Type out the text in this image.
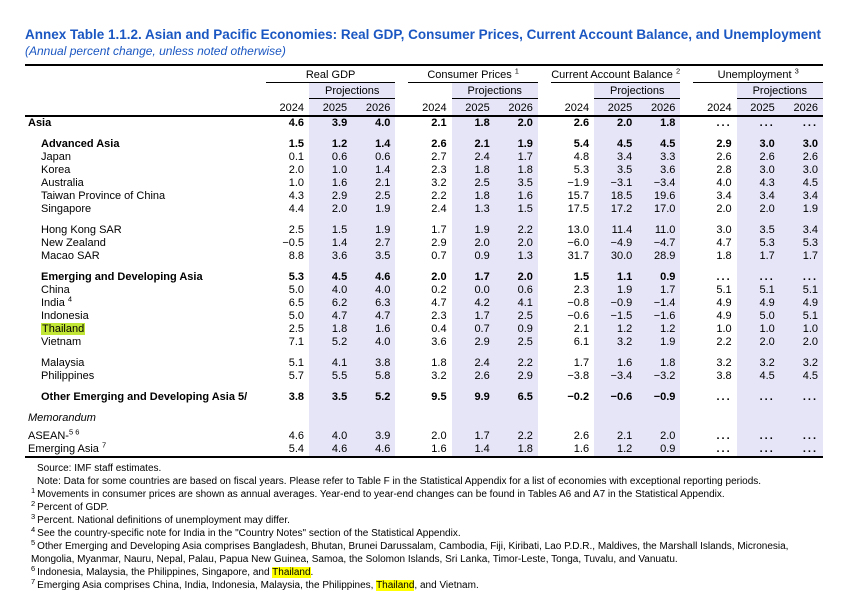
Annex Table 1.1.2. Asian and Pacific Economies: Real GDP, Consumer Prices, Current Account Balance, and Unemployment
(Annual percent change, unless noted otherwise)
	Real GDP				Consumer Prices $^1$				Current Account Balance $^2$				Unemployment $^3$
		Projections				Projections				Projections				Projections	
	2024	2025	2026		2024	2025	2026		2024	2025	2026		2024	2025	2026
Asia	4.6	3.9	4.0		2.1	1.8	2.0		2.6	2.0	1.8		...	...	...

Advanced Asia	1.5	1.2	1.4		2.6	2.1	1.9		5.4	4.5	4.5		2.9	3.0	3.0
Japan	0.1	0.6	0.6		2.7	2.4	1.7		4.8	3.4	3.3		2.6	2.6	2.6
Korea	2.0	1.0	1.4		2.3	1.8	1.8		5.3	3.5	3.6		2.8	3.0	3.0
Australia	1.0	1.6	2.1		3.2	2.5	3.5		−1.9	−3.1	−3.4		4.0	4.3	4.5
Taiwan Province of China	4.3	2.9	2.5		2.2	1.8	1.6		15.7	18.5	19.6		3.4	3.4	3.4
Singapore	4.4	2.0	1.9		2.4	1.3	1.5		17.5	17.2	17.0		2.0	2.0	1.9

Hong Kong SAR	2.5	1.5	1.9		1.7	1.9	2.2		13.0	11.4	11.0		3.0	3.5	3.4
New Zealand	−0.5	1.4	2.7		2.9	2.0	2.0		−6.0	−4.9	−4.7		4.7	5.3	5.3
Macao SAR	8.8	3.6	3.5		0.7	0.9	1.3		31.7	30.0	28.9		1.8	1.7	1.7

Emerging and Developing Asia	5.3	4.5	4.6		2.0	1.7	2.0		1.5	1.1	0.9		...	...	...
China	5.0	4.0	4.0		0.2	0.0	0.6		2.3	1.9	1.7		5.1	5.1	5.1
India $^4$	6.5	6.2	6.3		4.7	4.2	4.1		−0.8	−0.9	−1.4		4.9	4.9	4.9
Indonesia	5.0	4.7	4.7		2.3	1.7	2.5		−0.6	−1.5	−1.6		4.9	5.0	5.1
Thailand	2.5	1.8	1.6		0.4	0.7	0.9		2.1	1.2	1.2		1.0	1.0	1.0
Vietnam	7.1	5.2	4.0		3.6	2.9	2.5		6.1	3.2	1.9		2.2	2.0	2.0

Malaysia	5.1	4.1	3.8		1.8	2.4	2.2		1.7	1.6	1.8		3.2	3.2	3.2
Philippines	5.7	5.5	5.8		3.2	2.6	2.9		−3.8	−3.4	−3.2		3.8	4.5	4.5

Other Emerging and Developing Asia 5/	3.8	3.5	5.2		9.5	9.9	6.5		−0.2	−0.6	−0.9		...	...	...

Memorandum															

ASEAN-$^{5 6}$	4.6	4.0	3.9		2.0	1.7	2.2		2.6	2.1	2.0		...	...	...
Emerging Asia $^7$	5.4	4.6	4.6		1.6	1.4	1.8		1.6	1.2	0.9		...	...	...
Source: IMF staff estimates.
Note: Data for some countries are based on fiscal years. Please refer to Table F in the Statistical Appendix for a list of economies with exceptional reporting periods.
$^1$ Movements in consumer prices are shown as annual averages. Year-end to year-end changes can be found in Tables A6 and A7 in the Statistical Appendix.
$^2$ Percent of GDP.
$^3$ Percent. National definitions of unemployment may differ.
$^4$ See the country-specific note for India in the "Country Notes" section of the Statistical Appendix.
$^5$ Other Emerging and Developing Asia comprises Bangladesh, Bhutan, Brunei Darussalam, Cambodia, Fiji, Kiribati, Lao P.D.R., Maldives, the Marshall Islands, Micronesia, Mongolia, Myanmar, Nauru, Nepal, Palau, Papua New Guinea, Samoa, the Solomon Islands, Sri Lanka, Timor-Leste, Tonga, Tuvalu, and Vanuatu.
$^6$ Indonesia, Malaysia, the Philippines, Singapore, and Thailand.
$^7$ Emerging Asia comprises China, India, Indonesia, Malaysia, the Philippines, Thailand, and Vietnam.
